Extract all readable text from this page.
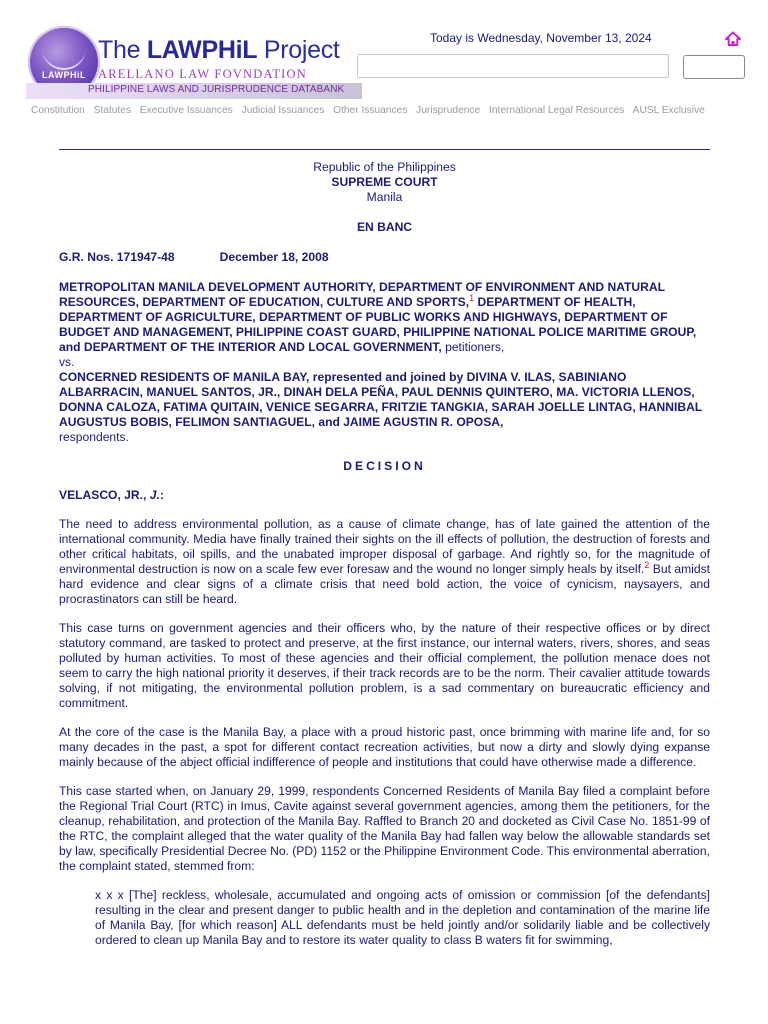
LAWPHiL
The LAWPHiL Project
ARELLANO LAW FOVNDATION
PHILIPPINE LAWS AND JURISPRUDENCE DATABANK
Today is Wednesday, November 13, 2024
Constitution Statutes Executive Issuances Judicial Issuances Other Issuances Jurisprudence International Legal Resources AUSL Exclusive
Republic of the Philippines
SUPREME COURT
Manila
EN BANC
G.R. Nos. 171947-48	December 18, 2008
METROPOLITAN MANILA DEVELOPMENT AUTHORITY, DEPARTMENT OF ENVIRONMENT AND NATURAL RESOURCES, DEPARTMENT OF EDUCATION, CULTURE AND SPORTS,$^1$ DEPARTMENT OF HEALTH, DEPARTMENT OF AGRICULTURE, DEPARTMENT OF PUBLIC WORKS AND HIGHWAYS, DEPARTMENT OF BUDGET AND MANAGEMENT, PHILIPPINE COAST GUARD, PHILIPPINE NATIONAL POLICE MARITIME GROUP, and DEPARTMENT OF THE INTERIOR AND LOCAL GOVERNMENT, petitioners,
vs.
CONCERNED RESIDENTS OF MANILA BAY, represented and joined by DIVINA V. ILAS, SABINIANO ALBARRACIN, MANUEL SANTOS, JR., DINAH DELA PEÑA, PAUL DENNIS QUINTERO, MA. VICTORIA LLENOS, DONNA CALOZA, FATIMA QUITAIN, VENICE SEGARRA, FRITZIE TANGKIA, SARAH JOELLE LINTAG, HANNIBAL AUGUSTUS BOBIS, FELIMON SANTIAGUEL, and JAIME AGUSTIN R. OPOSA,
respondents.
DECISION
VELASCO, JR., J.:

The need to address environmental pollution, as a cause of climate change, has of late gained the attention of the international community. Media have finally trained their sights on the ill effects of pollution, the destruction of forests and other critical habitats, oil spills, and the unabated improper disposal of garbage. And rightly so, for the magnitude of environmental destruction is now on a scale few ever foresaw and the wound no longer simply heals by itself.$^2$ But amidst hard evidence and clear signs of a climate crisis that need bold action, the voice of cynicism, naysayers, and procrastinators can still be heard.

This case turns on government agencies and their officers who, by the nature of their respective offices or by direct statutory command, are tasked to protect and preserve, at the first instance, our internal waters, rivers, shores, and seas polluted by human activities. To most of these agencies and their official complement, the pollution menace does not seem to carry the high national priority it deserves, if their track records are to be the norm. Their cavalier attitude towards solving, if not mitigating, the environmental pollution problem, is a sad commentary on bureaucratic efficiency and commitment.

At the core of the case is the Manila Bay, a place with a proud historic past, once brimming with marine life and, for so many decades in the past, a spot for different contact recreation activities, but now a dirty and slowly dying expanse mainly because of the abject official indifference of people and institutions that could have otherwise made a difference.

This case started when, on January 29, 1999, respondents Concerned Residents of Manila Bay filed a complaint before the Regional Trial Court (RTC) in Imus, Cavite against several government agencies, among them the petitioners, for the cleanup, rehabilitation, and protection of the Manila Bay. Raffled to Branch 20 and docketed as Civil Case No. 1851-99 of the RTC, the complaint alleged that the water quality of the Manila Bay had fallen way below the allowable standards set by law, specifically Presidential Decree No. (PD) 1152 or the Philippine Environment Code. This environmental aberration, the complaint stated, stemmed from:

x x x [The] reckless, wholesale, accumulated and ongoing acts of omission or commission [of the defendants] resulting in the clear and present danger to public health and in the depletion and contamination of the marine life of Manila Bay, [for which reason] ALL defendants must be held jointly and/or solidarily liable and be collectively ordered to clean up Manila Bay and to restore its water quality to class B waters fit for swimming,
